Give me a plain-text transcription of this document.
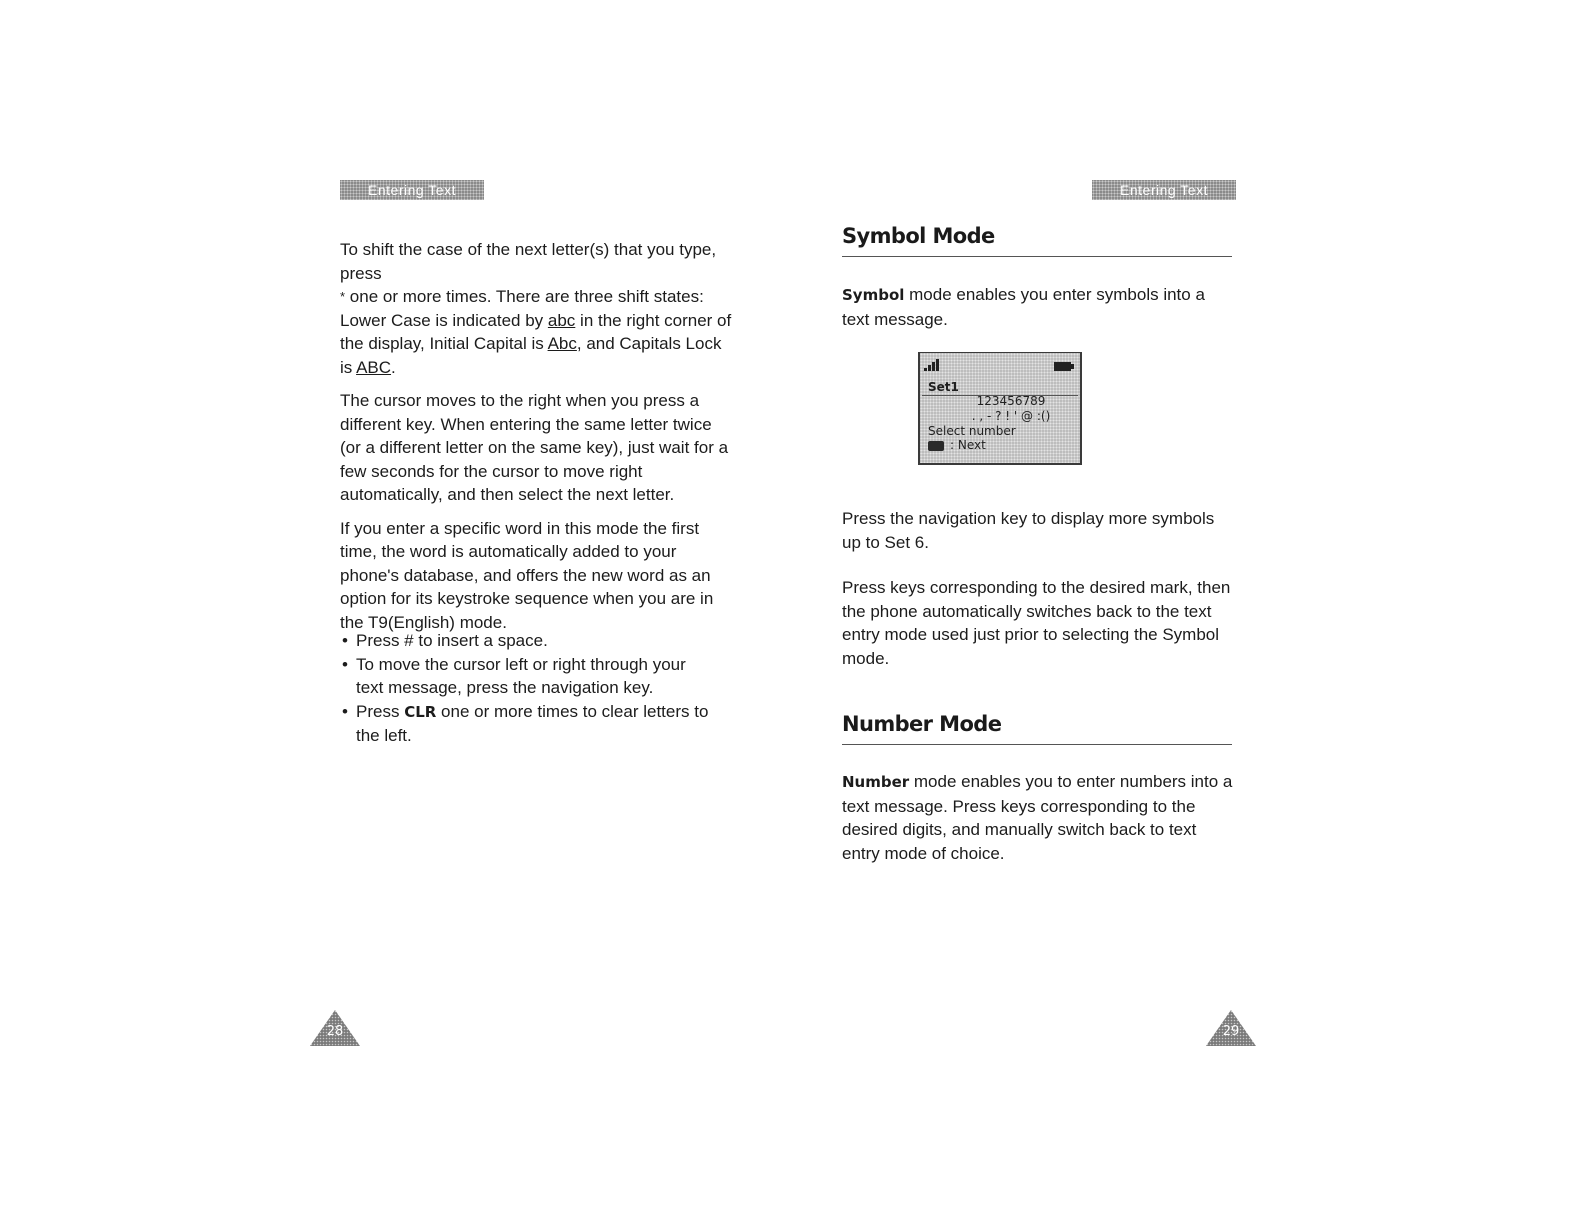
Entering Text

To shift the case of the next letter(s) that you type, press
* one or more times. There are three shift states: Lower Case is indicated by abc in the right corner of the display, Initial Capital is Abc, and Capitals Lock is ABC.

The cursor moves to the right when you press a different key. When entering the same letter twice (or a different letter on the same key), just wait for a few seconds for the cursor to move right automatically, and then select the next letter.

If you enter a specific word in this mode the first time, the word is automatically added to your phone's database, and offers the new word as an option for its keystroke sequence when you are in the T9(English) mode.

• Press # to insert a space.
• To move the cursor left or right through your text message, press the navigation key.
• Press CLR one or more times to clear letters to the left.
28
Entering Text
Symbol Mode
Symbol mode enables you enter symbols into a text message.
Set1
123456789
. , - ? ! ' @ :()
Select number
: Next
Press the navigation key to display more symbols up to Set 6.
Press keys corresponding to the desired mark, then the phone automatically switches back to the text entry mode used just prior to selecting the Symbol mode.
Number Mode
Number mode enables you to enter numbers into a text message. Press keys corresponding to the desired digits, and manually switch back to text entry mode of choice.
29
